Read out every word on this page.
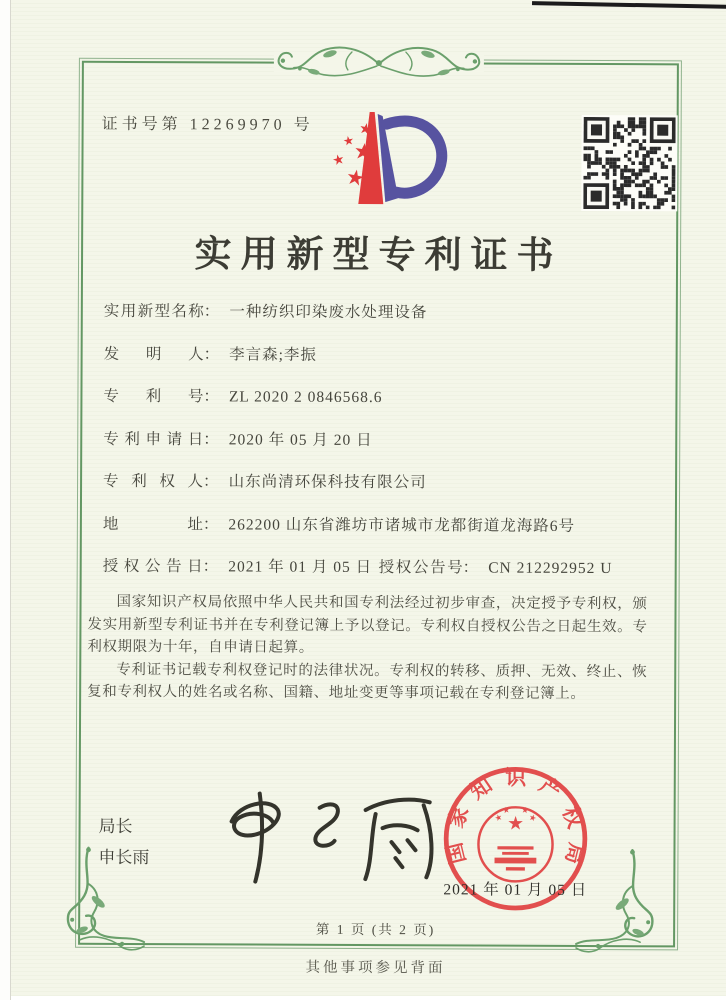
证书号第 12269970 号
实用新型专利证书
实用新型名称： 一种纺织印染废水处理设备
发明人： 李言森;李振
专利号： ZL 2020 2 0846568.6
专利申请日： 2020 年 05 月 20 日
专利权人： 山东尚清环保科技有限公司
地址： 262200 山东省潍坊市诸城市龙都街道龙海路6号
授权公告日： 2021 年 01 月 05 日 授权公告号： CN 212292952 U

国家知识产权局依照中华人民共和国专利法经过初步审查，决定授予专利权，颁发实用新型专利证书并在专利登记簿上予以登记。专利权自授权公告之日起生效。专利权期限为十年，自申请日起算。

专利证书记载专利权登记时的法律状况。专利权的转移、质押、无效、终止、恢复和专利权人的姓名或名称、国籍、地址变更等事项记载在专利登记簿上。

局长
申长雨	国家知识产权局
2021 年 01 月 05 日
第 1 页 (共 2 页)
其他事项参见背面
